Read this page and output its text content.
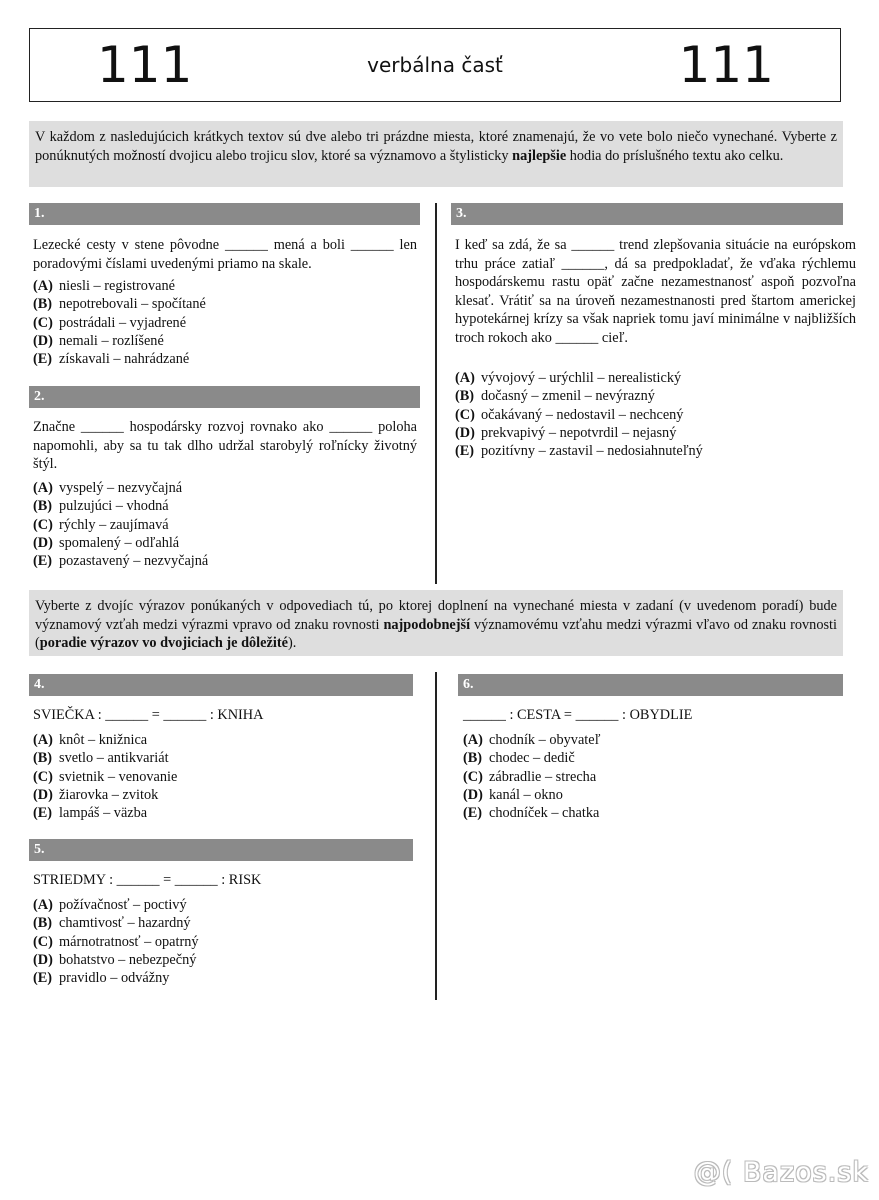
111	verbálna časť	111
V každom z nasledujúcich krátkych textov sú dve alebo tri prázdne miesta, ktoré znamenajú, že vo vete bolo niečo vynechané. Vyberte z ponúknutých možností dvojicu alebo trojicu slov, ktoré sa významovo a štylisticky najlepšie hodia do príslušného textu ako celku.
1.
Lezecké cesty v stene pôvodne ______ mená a boli ______ len poradovými číslami uvedenými priamo na skale.
(A) niesli – registrované
(B) nepotrebovali – spočítané
(C) postrádali – vyjadrené
(D) nemali – rozlíšené
(E) získavali – nahrádzané
2.
Značne ______ hospodársky rozvoj rovnako ako ______ poloha napomohli, aby sa tu tak dlho udržal starobylý roľnícky životný štýl.
(A) vyspelý – nezvyčajná
(B) pulzujúci – vhodná
(C) rýchly – zaujímavá
(D) spomalený – odľahlá
(E) pozastavený – nezvyčajná
3.
I keď sa zdá, že sa ______ trend zlepšovania situácie na európskom trhu práce zatiaľ ______, dá sa predpokladať, že vďaka rýchlemu hospodárskemu rastu opäť začne nezamestnanosť aspoň pozvoľna klesať. Vrátiť sa na úroveň nezamestnanosti pred štartom americkej hypotekárnej krízy sa však napriek tomu javí minimálne v najbližších troch rokoch ako ______ cieľ.
(A) vývojový – urýchlil – nerealistický
(B) dočasný – zmenil – nevýrazný
(C) očakávaný – nedostavil – nechcený
(D) prekvapivý – nepotvrdil – nejasný
(E) pozitívny – zastavil – nedosiahnuteľný
Vyberte z dvojíc výrazov ponúkaných v odpovediach tú, po ktorej doplnení na vynechané miesta v zadaní (v uvedenom poradí) bude významový vzťah medzi výrazmi vpravo od znaku rovnosti najpodobnejší významovému vzťahu medzi výrazmi vľavo od znaku rovnosti (poradie výrazov vo dvojiciach je dôležité).
4.
SVIEČKA : ______ = ______ : KNIHA
(A) knôt – knižnica
(B) svetlo – antikvariát
(C) svietnik – venovanie
(D) žiarovka – zvitok
(E) lampáš – väzba
5.
STRIEDMY : ______ = ______ : RISK
(A) požívačnosť – poctivý
(B) chamtivosť – hazardný
(C) márnotratnosť – opatrný
(D) bohatstvo – nebezpečný
(E) pravidlo – odvážny
6.
______ : CESTA = ______ : OBYDLIE
(A) chodník – obyvateľ
(B) chodec – dedič
(C) zábradlie – strecha
(D) kanál – okno
(E) chodníček – chatka
@( Bazos.sk
